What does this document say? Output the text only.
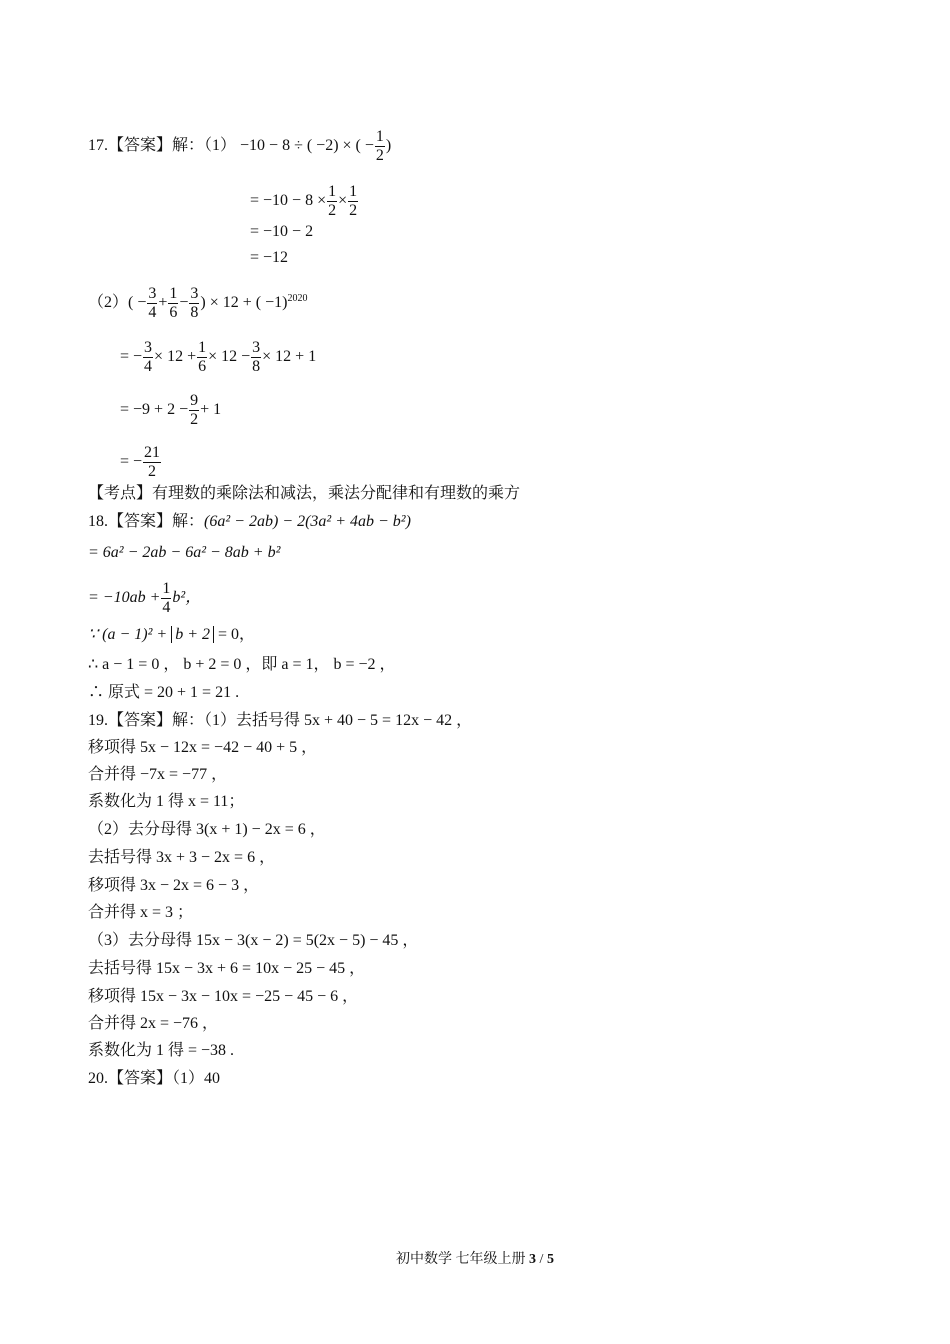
17.【答案】解：（1） −10 − 8 ÷ ( −2) × ( − $\frac{1}{2}$ )
= $-10 - 8 \times \frac{1}{2} \times \frac{1}{2}$
= −10 − 2
= −12
$(2)( - \frac{3}{4} + \frac{1}{6} - \frac{3}{8}$ ) × 12 + ( −1)$^{2020}$
= − $\frac{3}{4} \times 12 + \frac{1}{6} \times 12 - \frac{3}{8} \times 12 + 1$
= $-9 + 2 - \frac{9}{2} + 1$
= − $\frac{21}{2}$
【考点】有理数的乘除法和减法，乘法分配律和有理数的乘方
18.【答案】解：(6a² − 2ab) − 2(3a² + 4ab − b²)
= 6a² − 2ab − 6a² − 8ab + b²
= $-10ab + \frac{1}{4} b^2$，
∵ (a − 1)² + b + 2 = 0，
∴ a − 1 = 0 ， b + 2 = 0 ，即 a = 1， b = −2 ，
∴ 原式 = 20 + 1 = 21 .
19.【答案】解：（1）去括号得 5x + 40 − 5 = 12x − 42 ，
移项得 5x − 12x = −42 − 40 + 5 ，
合并得 −7x = −77 ，
系数化为 1 得 x = 11；
（2）去分母得 3(x + 1) − 2x = 6 ，
去括号得 3x + 3 − 2x = 6 ，
移项得 3x − 2x = 6 − 3 ，
合并得 x = 3 ；
（3）去分母得 15x − 3(x − 2) = 5(2x − 5) − 45 ，
去括号得 15x − 3x + 6 = 10x − 25 − 45 ，
移项得 15x − 3x − 10x = −25 − 45 − 6 ，
合并得 2x = −76 ，
系数化为 1 得 = −38 .
20.【答案】（1）40
初中数学 七年级上册 3 / 5
